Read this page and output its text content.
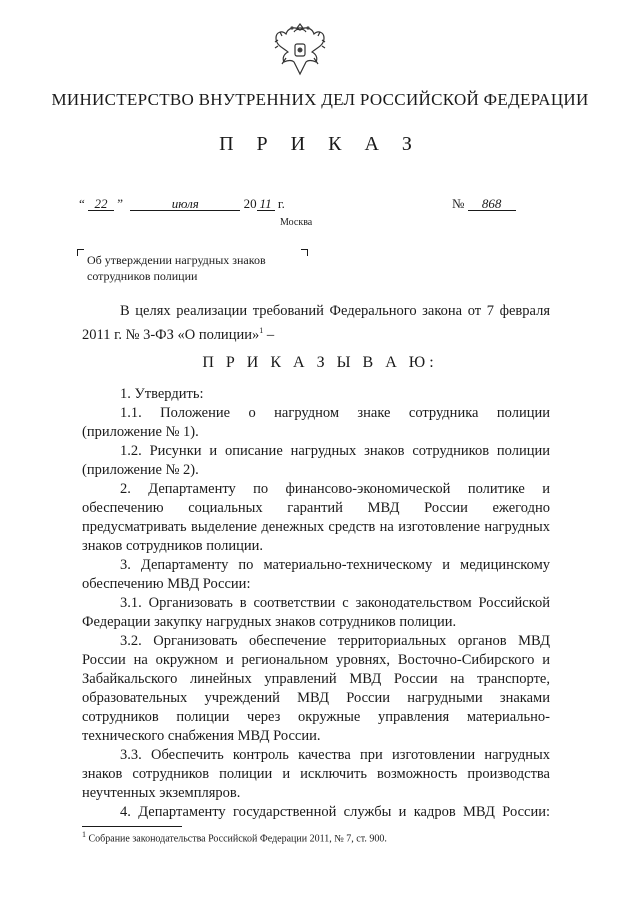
МИНИСТЕРСТВО ВНУТРЕННИХ ДЕЛ РОССИЙСКОЙ ФЕДЕРАЦИИ
П Р И К А З
“ 22 ”	июля	20 11 г.	№ 868
Москва
Об утверждении нагрудных знаков
сотрудников полиции
В целях реализации требований Федерального закона от 7 февраля
2011 г. № 3-ФЗ «О полиции»$^1$ –
П Р И К А З Ы В А Ю:
1. Утвердить:
1.1. Положение о нагрудном знаке сотрудника полиции
(приложение № 1).
1.2. Рисунки и описание нагрудных знаков сотрудников полиции
(приложение № 2).
2. Департаменту по финансово-экономической политике и
обеспечению социальных гарантий МВД России ежегодно
предусматривать выделение денежных средств на изготовление нагрудных
знаков сотрудников полиции.
3. Департаменту по материально-техническому и медицинскому
обеспечению МВД России:
3.1. Организовать в соответствии с законодательством Российской
Федерации закупку нагрудных знаков сотрудников полиции.
3.2. Организовать обеспечение территориальных органов МВД
России на окружном и региональном уровнях, Восточно-Сибирского и
Забайкальского линейных управлений МВД России на транспорте,
образовательных учреждений МВД России нагрудными знаками
сотрудников полиции через окружные управления материально-
технического снабжения МВД России.
3.3. Обеспечить контроль качества при изготовлении нагрудных
знаков сотрудников полиции и исключить возможность производства
неучтенных экземпляров.
4. Департаменту государственной службы и кадров МВД России:
$^1$ Собрание законодательства Российской Федерации 2011, № 7, ст. 900.
